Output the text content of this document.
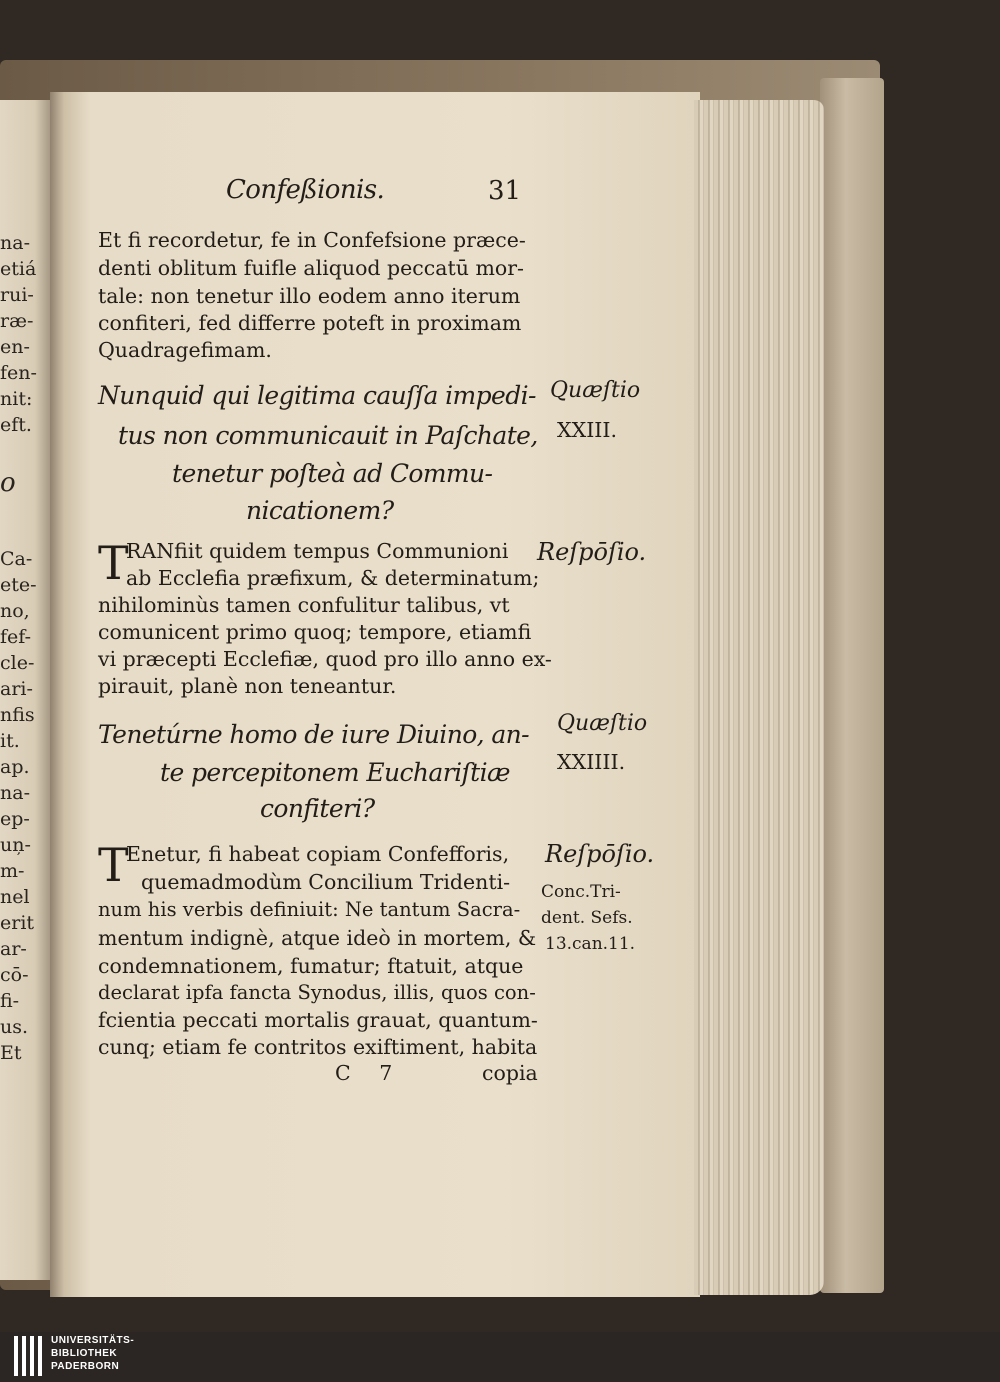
na-
etiá
rui-
ræ-
en-
fen-
nit:
eft.
o
Ca-
ete-
no,
fef-
cle-
ari-
nfis
it.
ap.
na-
ep-
uņ-
m-
nel
erit
ar-
cō-
fi-
us.
Et
Confeßionis.	31
Et fi recordetur, fe in Confefsione præce-
denti oblitum fuifle aliquod peccatū mor-
tale: non tenetur illo eodem anno iterum
confiteri, fed differre poteft in proximam
Quadragefimam.
Nunquid qui legitima cauſſa impedi-
tus non communicauit in Paſchate,
tenetur poſteà ad Commu-
nicationem?
Quæſtio
XXIII.
T
RANfiit quidem tempus Communioni
ab Ecclefia præfixum, & determinatum;
nihilominùs tamen confulitur talibus, vt
comunicent primo quoq; tempore, etiamfi
vi præcepti Ecclefiæ, quod pro illo anno ex-
pirauit, planè non teneantur.
Reſpōſio.
Tenetúrne homo de iure Diuino, an-
te percepitonem Euchariſtiæ
confiteri?
Quæſtio
XXIIII.
T
Enetur, fi habeat copiam Confefforis,
quemadmodùm Concilium Tridenti-
num his verbis definiuit: Ne tantum Sacra-
mentum indignè, atque ideò in mortem, &
condemnationem, fumatur; ftatuit, atque
declarat ipfa fancta Synodus, illis, quos con-
fcientia peccati mortalis grauat, quantum-
cunq; etiam fe contritos exiftiment, habita
Reſpōſio.
Conc.Tri-
dent. Sefs.
13.can.11.
C 7	copia
UNIVERSITÄTS-
BIBLIOTHEK
PADERBORN
